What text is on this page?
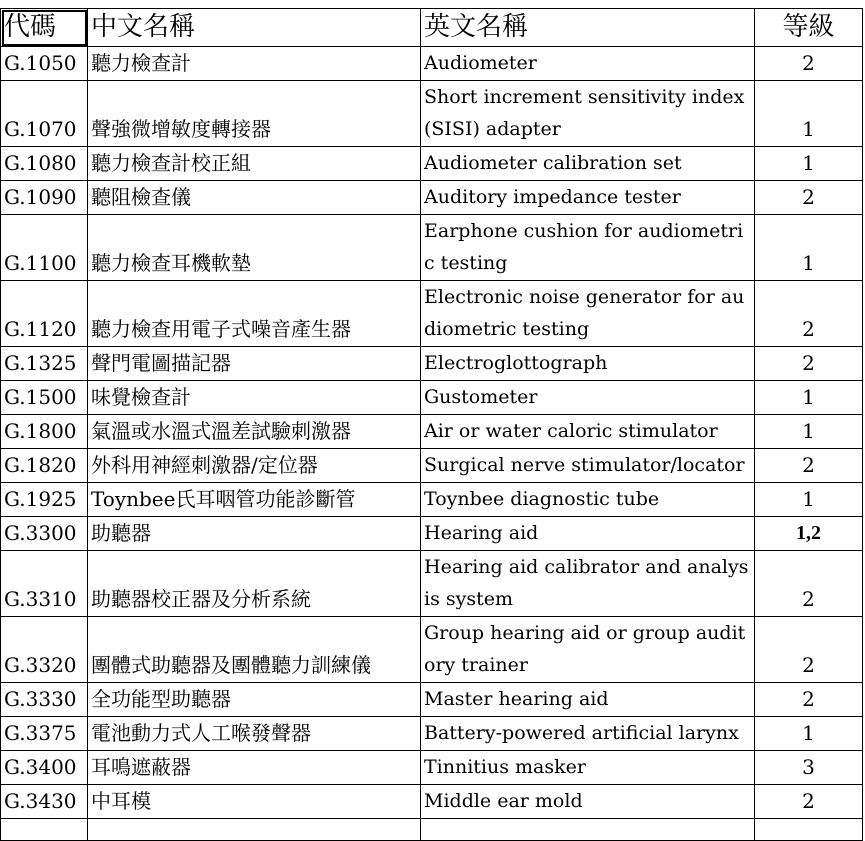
代碼	中文名稱	英文名稱	等級
G.1050	聽力檢查計	Audiometer	2
G.1070	聲強微增敏度轉接器	Short increment sensitivity index (SISI) adapter	1
G.1080	聽力檢查計校正組	Audiometer calibration set	1
G.1090	聽阻檢查儀	Auditory impedance tester	2
G.1100	聽力檢查耳機軟墊	Earphone cushion for audiometric testing	1
G.1120	聽力檢查用電子式噪音產生器	Electronic noise generator for audiometric testing	2
G.1325	聲門電圖描記器	Electroglottograph	2
G.1500	味覺檢查計	Gustometer	1
G.1800	氣溫或水溫式溫差試驗刺激器	Air or water caloric stimulator	1
G.1820	外科用神經刺激器/定位器	Surgical nerve stimulator/locator	2
G.1925	Toynbee氏耳咽管功能診斷管	Toynbee diagnostic tube	1
G.3300	助聽器	Hearing aid	1,2
G.3310	助聽器校正器及分析系統	Hearing aid calibrator and analysis system	2
G.3320	團體式助聽器及團體聽力訓練儀	Group hearing aid or group auditory trainer	2
G.3330	全功能型助聽器	Master hearing aid	2
G.3375	電池動力式人工喉發聲器	Battery-powered artificial larynx	1
G.3400	耳鳴遮蔽器	Tinnitius masker	3
G.3430	中耳模	Middle ear mold	2
